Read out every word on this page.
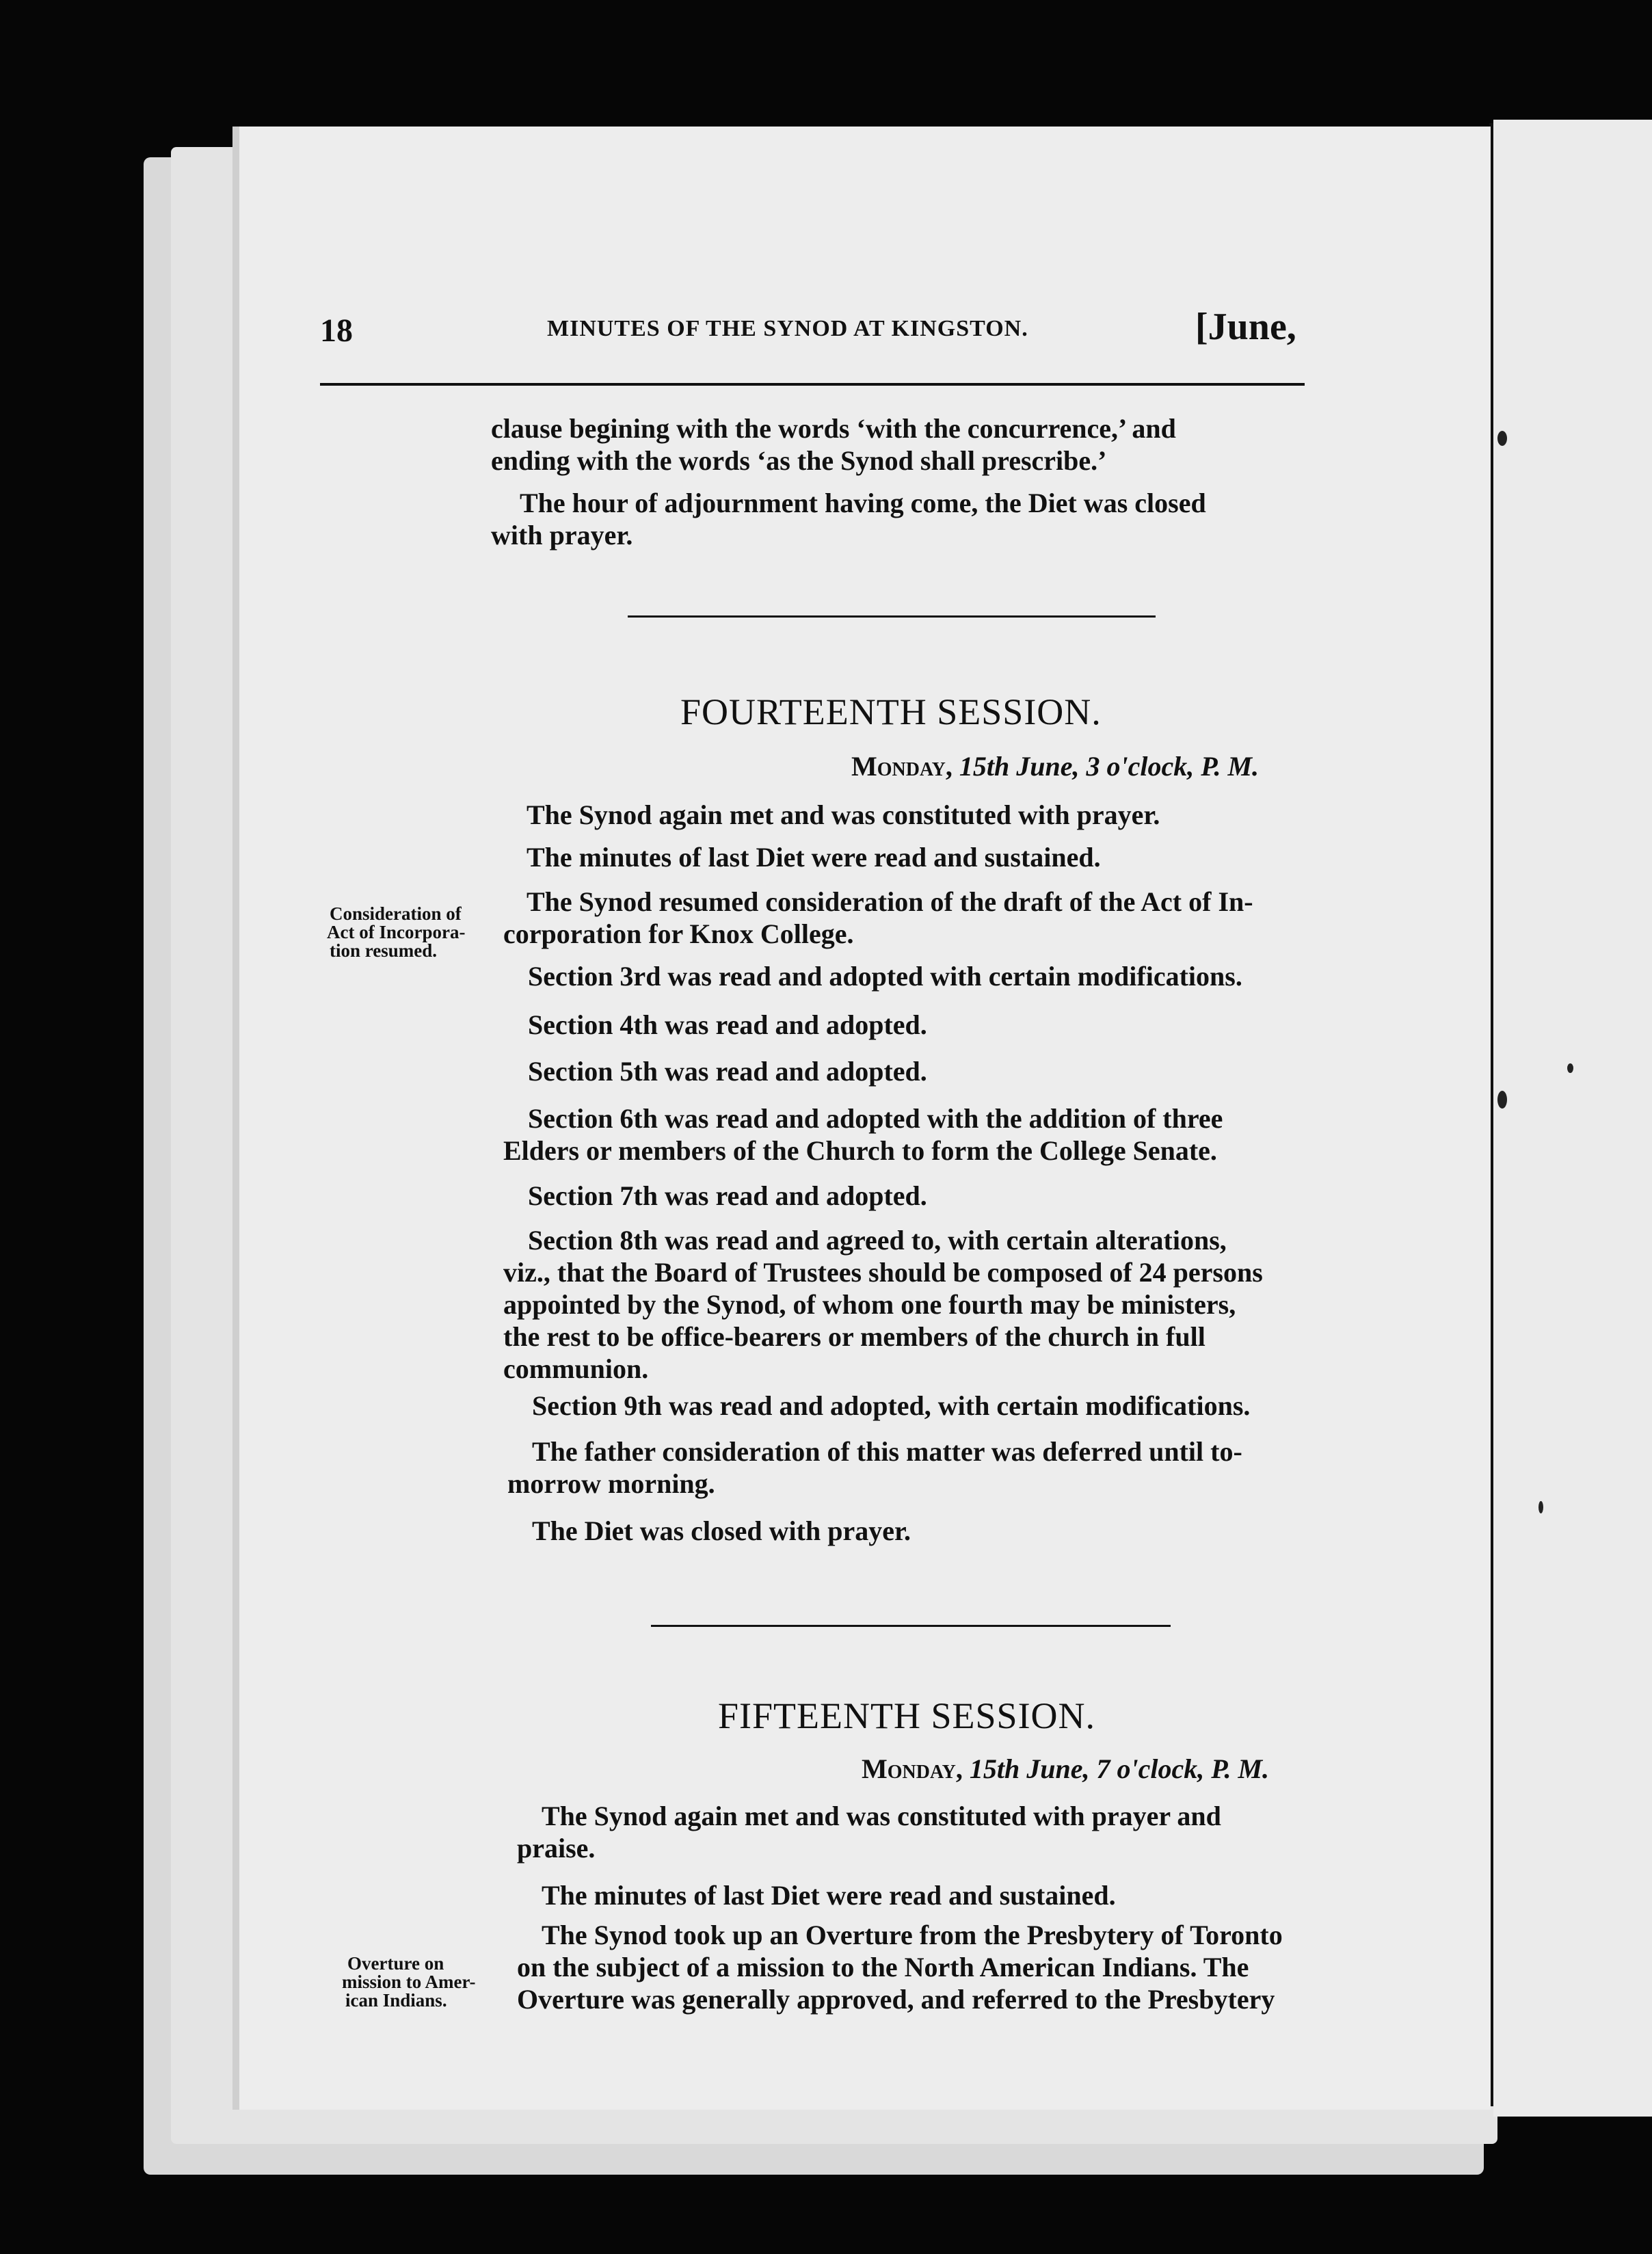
18	MINUTES OF THE SYNOD AT KINGSTON.	[June,
clause begining with the words ‘with the concurrence,’ and
ending with the words ‘as the Synod shall prescribe.’
The hour of adjournment having come, the Diet was closed
with prayer.
FOURTEENTH SESSION.
Monday, 15th June, 3 o'clock, P. M.
The Synod again met and was constituted with prayer.
The minutes of last Diet were read and sustained.
The Synod resumed consideration of the draft of the Act of In-
corporation for Knox College.
Consideration of
Act of Incorpora-
tion resumed.
Section 3rd was read and adopted with certain modifications.
Section 4th was read and adopted.
Section 5th was read and adopted.
Section 6th was read and adopted with the addition of three
Elders or members of the Church to form the College Senate.
Section 7th was read and adopted.
Section 8th was read and agreed to, with certain alterations,
viz., that the Board of Trustees should be composed of 24 persons
appointed by the Synod, of whom one fourth may be ministers,
the rest to be office-bearers or members of the church in full
communion.
Section 9th was read and adopted, with certain modifications.
The father consideration of this matter was deferred until to-
morrow morning.
The Diet was closed with prayer.
FIFTEENTH SESSION.
Monday, 15th June, 7 o'clock, P. M.
The Synod again met and was constituted with prayer and
praise.
The minutes of last Diet were read and sustained.
The Synod took up an Overture from the Presbytery of Toronto
on the subject of a mission to the North American Indians. The
Overture was generally approved, and referred to the Presbytery
Overture on
mission to Amer-
ican Indians.
